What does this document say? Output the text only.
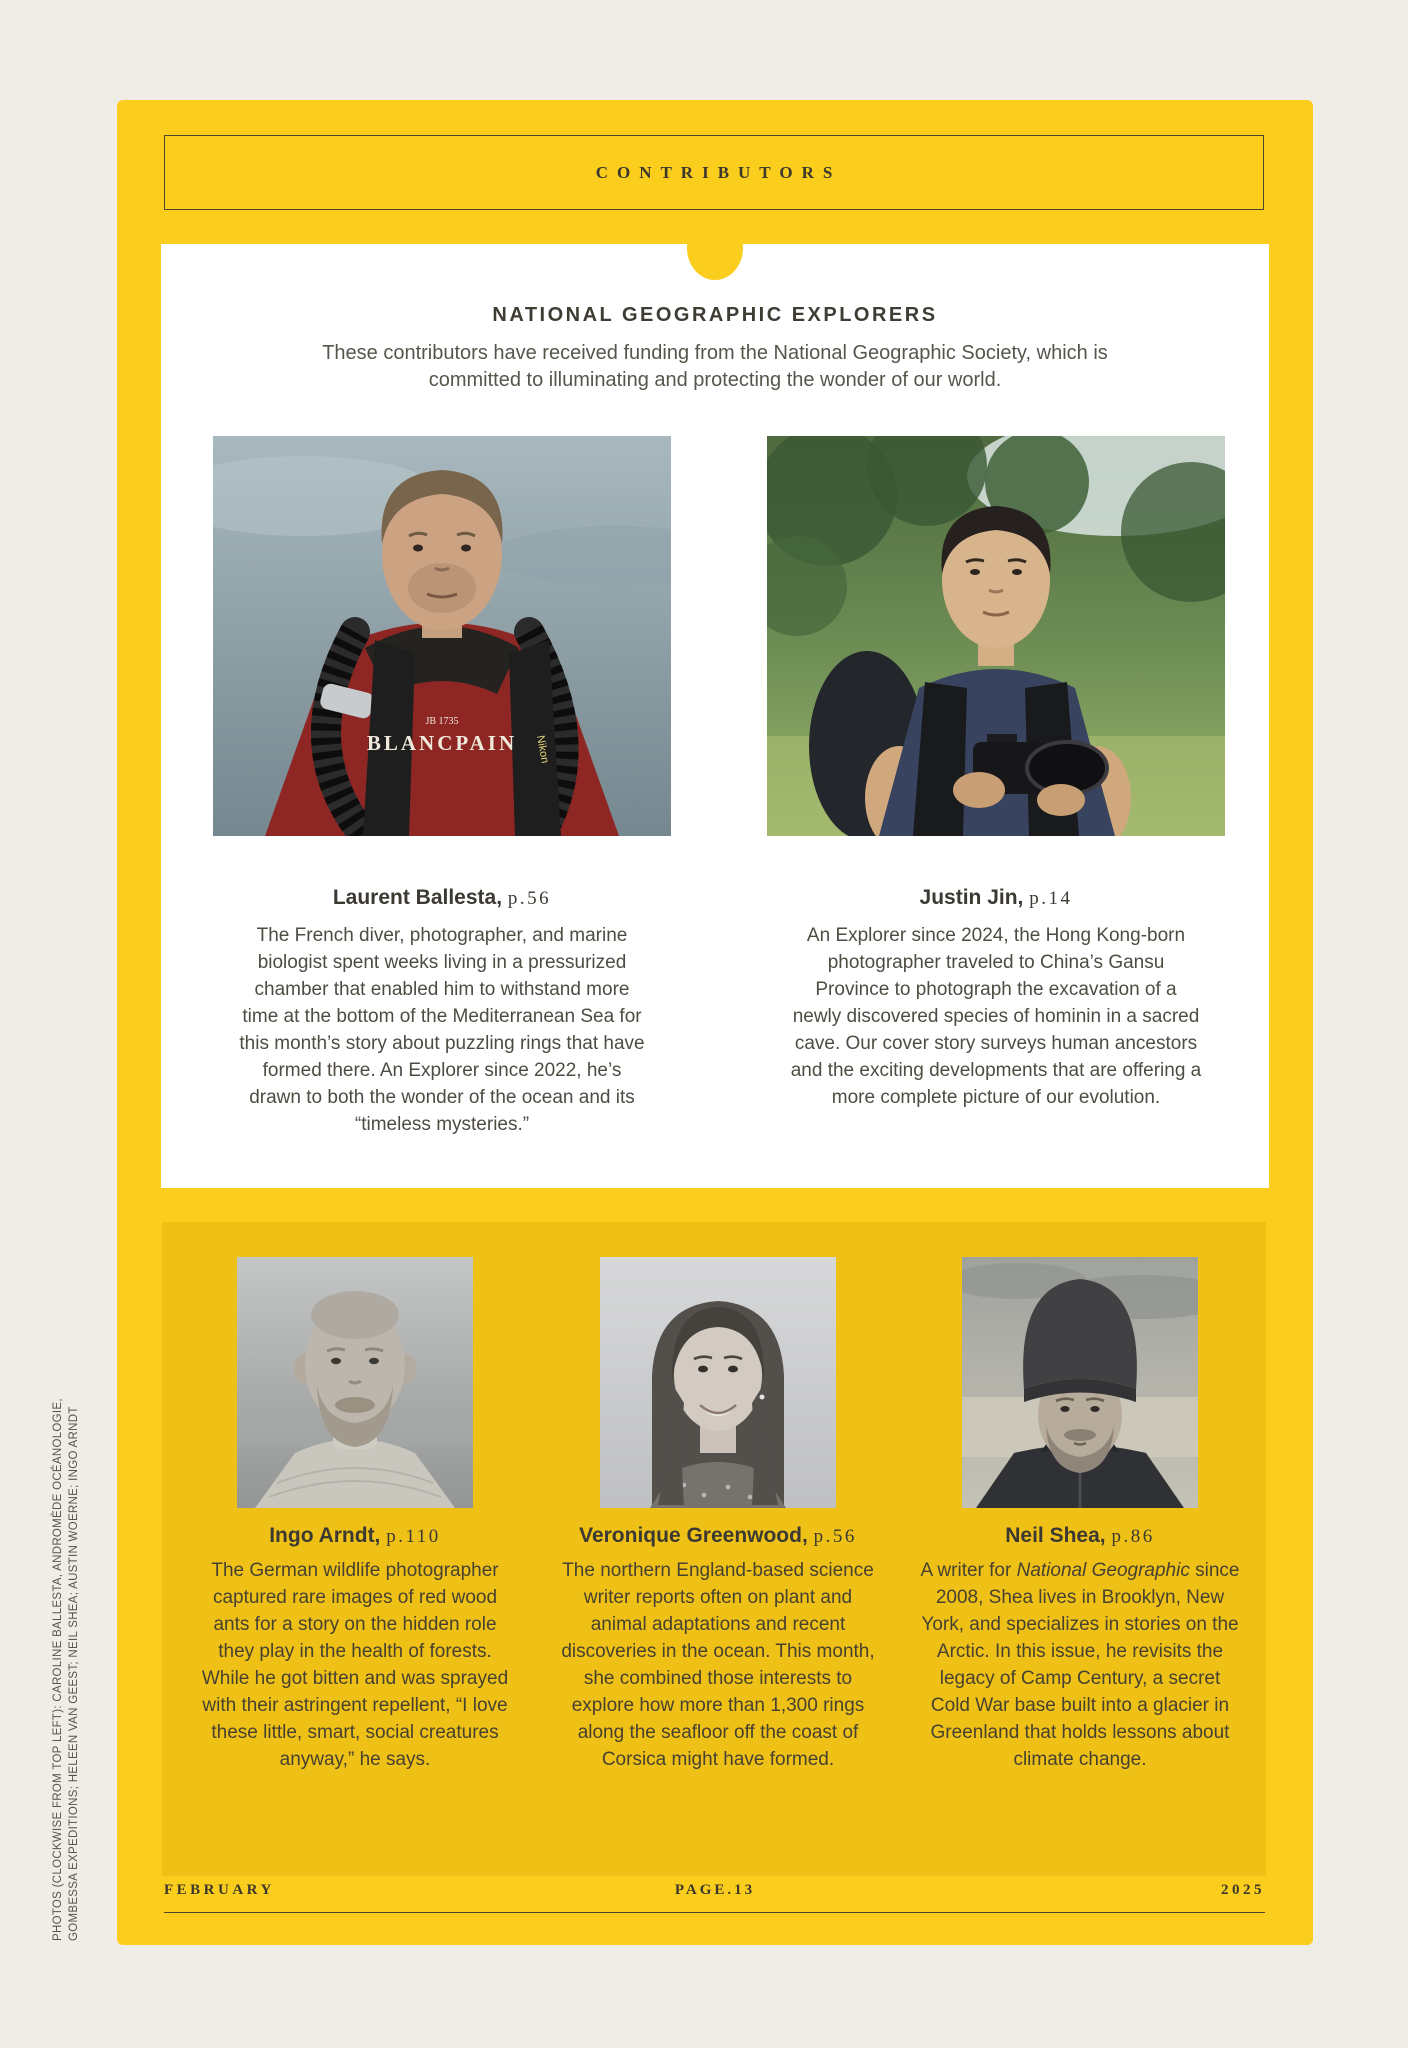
PHOTOS (CLOCKWISE FROM TOP LEFT): CAROLINE BALLESTA, ANDROMÈDE OCÉANOLOGIE, GOMBESSA EXPEDITIONS; HELEEN VAN GEEST; NEIL SHEA; AUSTIN WOERNE; INGO ARNDT
CONTRIBUTORS
NATIONAL GEOGRAPHIC EXPLORERS

These contributors have received funding from the National Geographic Society, which is committed to illuminating and protecting the wonder of our world.

Nikon
JB 1735
BLANCPAIN
Laurent Ballesta, p.56

The French diver, photographer, and marine biologist spent weeks living in a pressurized chamber that enabled him to withstand more time at the bottom of the Mediterranean Sea for this month’s story about puzzling rings that have formed there. An Explorer since 2022, he’s drawn to both the wonder of the ocean and its “timeless mysteries.”

Justin Jin, p.14

An Explorer since 2024, the Hong Kong-born photographer traveled to China’s Gansu Province to photograph the excavation of a newly discovered species of hominin in a sacred cave. Our cover story surveys human ancestors and the exciting developments that are offering a more complete picture of our evolution.

Ingo Arndt, p.110

The German wildlife photographer captured rare images of red wood ants for a story on the hidden role they play in the health of forests. While he got bitten and was sprayed with their astringent repellent, “I love these little, smart, social creatures anyway,” he says.

Veronique Greenwood, p.56

The northern England-based science writer reports often on plant and animal adaptations and recent discoveries in the ocean. This month, she combined those interests to explore how more than 1,300 rings along the seafloor off the coast of Corsica might have formed.

Neil Shea, p.86

A writer for National Geographic since 2008, Shea lives in Brooklyn, New York, and specializes in stories on the Arctic. In this issue, he revisits the legacy of Camp Century, a secret Cold War base built into a glacier in Greenland that holds lessons about climate change.

FEBRUARY	PAGE.13	2025
